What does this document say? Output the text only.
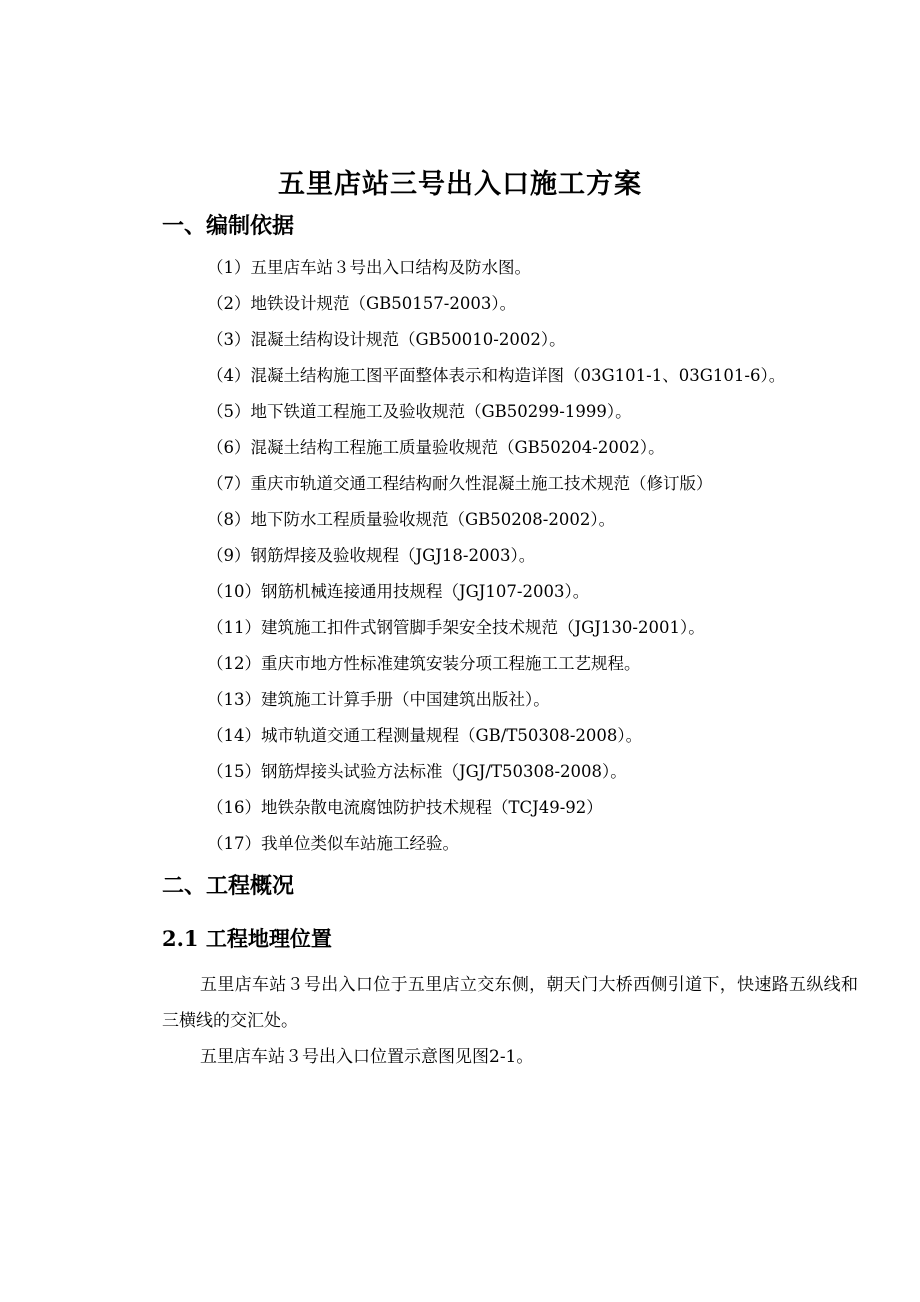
五里店站三号出入口施工方案
一、编制依据
（1）五里店车站３号出入口结构及防水图。
（2）地铁设计规范（GB50157-2003）。
（3）混凝土结构设计规范（GB50010-2002）。
（4）混凝土结构施工图平面整体表示和构造详图（03G101-1、03G101-6）。
（5）地下铁道工程施工及验收规范（GB50299-1999）。
（6）混凝土结构工程施工质量验收规范（GB50204-2002）。
（7）重庆市轨道交通工程结构耐久性混凝土施工技术规范（修订版）
（8）地下防水工程质量验收规范（GB50208-2002）。
（9）钢筋焊接及验收规程（JGJ18-2003）。
（10）钢筋机械连接通用技规程（JGJ107-2003）。
（11）建筑施工扣件式钢管脚手架安全技术规范（JGJ130-2001）。
（12）重庆市地方性标准建筑安装分项工程施工工艺规程。
（13）建筑施工计算手册（中国建筑出版社）。
（14）城市轨道交通工程测量规程（GB/T50308-2008）。
（15）钢筋焊接头试验方法标准（JGJ/T50308-2008）。
（16）地铁杂散电流腐蚀防护技术规程（TCJ49-92）
（17）我单位类似车站施工经验。
二、工程概况
2.1 工程地理位置

五里店车站３号出入口位于五里店立交东侧，朝天门大桥西侧引道下，快速路五纵线和三横线的交汇处。

五里店车站３号出入口位置示意图见图2-1。
